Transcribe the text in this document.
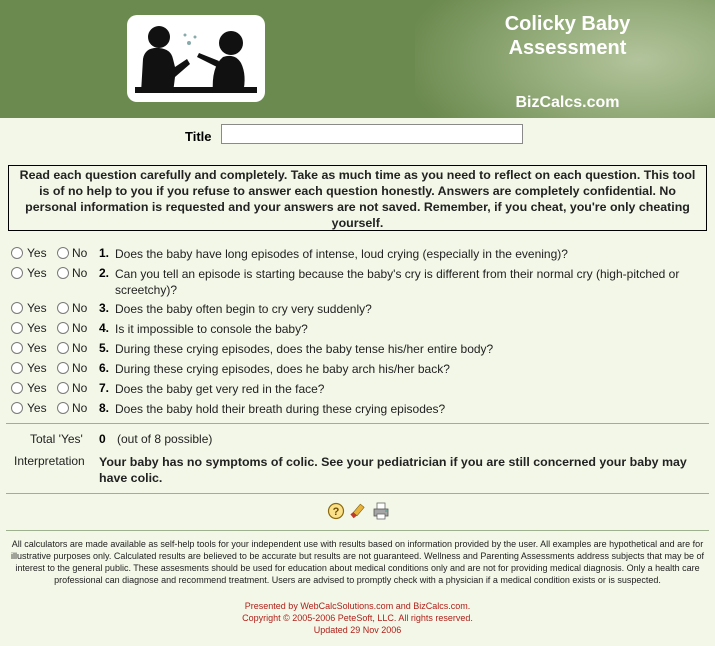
Colicky Baby Assessment
BizCalcs.com
Title
Read each question carefully and completely. Take as much time as you need to reflect on each question. This tool is of no help to you if you refuse to answer each question honestly. Answers are completely confidential. No personal information is requested and your answers are not saved. Remember, if you cheat, you're only cheating yourself.
Yes No 1. Does the baby have long episodes of intense, loud crying (especially in the evening)?
Yes No 2. Can you tell an episode is starting because the baby's cry is different from their normal cry (high-pitched or screetchy)?
Yes No 3. Does the baby often begin to cry very suddenly?
Yes No 4. Is it impossible to console the baby?
Yes No 5. During these crying episodes, does the baby tense his/her entire body?
Yes No 6. During these crying episodes, does he baby arch his/her back?
Yes No 7. Does the baby get very red in the face?
Yes No 8. Does the baby hold their breath during these crying episodes?
Total 'Yes' 0 (out of 8 possible)
Interpretation Your baby has no symptoms of colic. See your pediatrician if you are still concerned your baby may have colic.
?
All calculators are made available as self-help tools for your independent use with results based on information provided by the user. All examples are hypothetical and are for illustrative purposes only. Calculated results are believed to be accurate but results are not guaranteed. Wellness and Parenting Assessments address subjects that may be of interest to the general public. These assesments should be used for education about medical conditions only and are not for providing medical diagnosis. Only a health care professional can diagnose and recommend treatment. Users are advised to promptly check with a physician if a medical condition exists or is suspected.
Presented by WebCalcSolutions.com and BizCalcs.com.
Copyright © 2005-2006 PeteSoft, LLC. All rights reserved.
Updated 29 Nov 2006
